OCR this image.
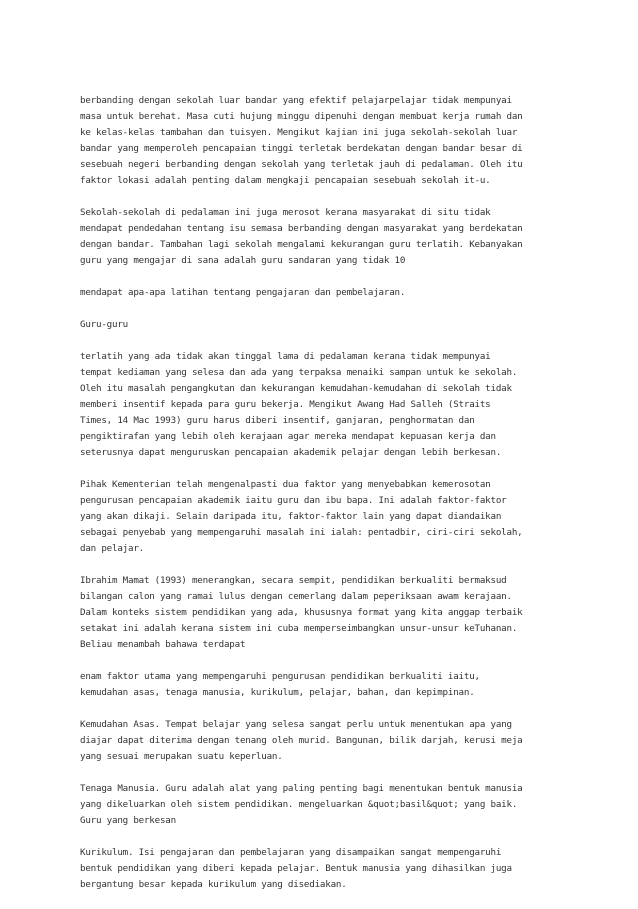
berbanding dengan sekolah luar bandar yang efektif pelajarpelajar tidak mempunyai
masa untuk berehat. Masa cuti hujung minggu dipenuhi dengan membuat kerja rumah dan
ke kelas-kelas tambahan dan tuisyen. Mengikut kajian ini juga sekolah-sekolah luar
bandar yang memperoleh pencapaian tinggi terletak berdekatan dengan bandar besar di
sesebuah negeri berbanding dengan sekolah yang terletak jauh di pedalaman. Oleh itu
faktor lokasi adalah penting dalam mengkaji pencapaian sesebuah sekolah it-u.

Sekolah-sekolah di pedalaman ini juga merosot kerana masyarakat di situ tidak
mendapat pendedahan tentang isu semasa berbanding dengan masyarakat yang berdekatan
dengan bandar. Tambahan lagi sekolah mengalami kekurangan guru terlatih. Kebanyakan
guru yang mengajar di sana adalah guru sandaran yang tidak 10

mendapat apa-apa latihan tentang pengajaran dan pembelajaran.

Guru-guru

terlatih yang ada tidak akan tinggal lama di pedalaman kerana tidak mempunyai
tempat kediaman yang selesa dan ada yang terpaksa menaiki sampan untuk ke sekolah.
Oleh itu masalah pengangkutan dan kekurangan kemudahan-kemudahan di sekolah tidak
memberi insentif kepada para guru bekerja. Mengikut Awang Had Salleh (Straits
Times, 14 Mac 1993) guru harus diberi insentif, ganjaran, penghormatan dan
pengiktirafan yang lebih oleh kerajaan agar mereka mendapat kepuasan kerja dan
seterusnya dapat menguruskan pencapaian akademik pelajar dengan lebih berkesan.

Pihak Kementerian telah mengenalpasti dua faktor yang menyebabkan kemerosotan
pengurusan pencapaian akademik iaitu guru dan ibu bapa. Ini adalah faktor-faktor
yang akan dikaji. Selain daripada itu, faktor-faktor lain yang dapat diandaikan
sebagai penyebab yang mempengaruhi masalah ini ialah: pentadbir, ciri-ciri sekolah,
dan pelajar.

Ibrahim Mamat (1993) menerangkan, secara sempit, pendidikan berkualiti bermaksud
bilangan calon yang ramai lulus dengan cemerlang dalam peperiksaan awam kerajaan.
Dalam konteks sistem pendidikan yang ada, khususnya format yang kita anggap terbaik
setakat ini adalah kerana sistem ini cuba memperseimbangkan unsur-unsur keTuhanan.
Beliau menambah bahawa terdapat

enam faktor utama yang mempengaruhi pengurusan pendidikan berkualiti iaitu,
kemudahan asas, tenaga manusia, kurikulum, pelajar, bahan, dan kepimpinan.

Kemudahan Asas. Tempat belajar yang selesa sangat perlu untuk menentukan apa yang
diajar dapat diterima dengan tenang oleh murid. Bangunan, bilik darjah, kerusi meja
yang sesuai merupakan suatu keperluan.

Tenaga Manusia. Guru adalah alat yang paling penting bagi menentukan bentuk manusia
yang dikeluarkan oleh sistem pendidikan. mengeluarkan &quot;basil&quot; yang baik.
Guru yang berkesan

Kurikulum. Isi pengajaran dan pembelajaran yang disampaikan sangat mempengaruhi
bentuk pendidikan yang diberi kepada pelajar. Bentuk manusia yang dihasilkan juga
bergantung besar kepada kurikulum yang disediakan.
